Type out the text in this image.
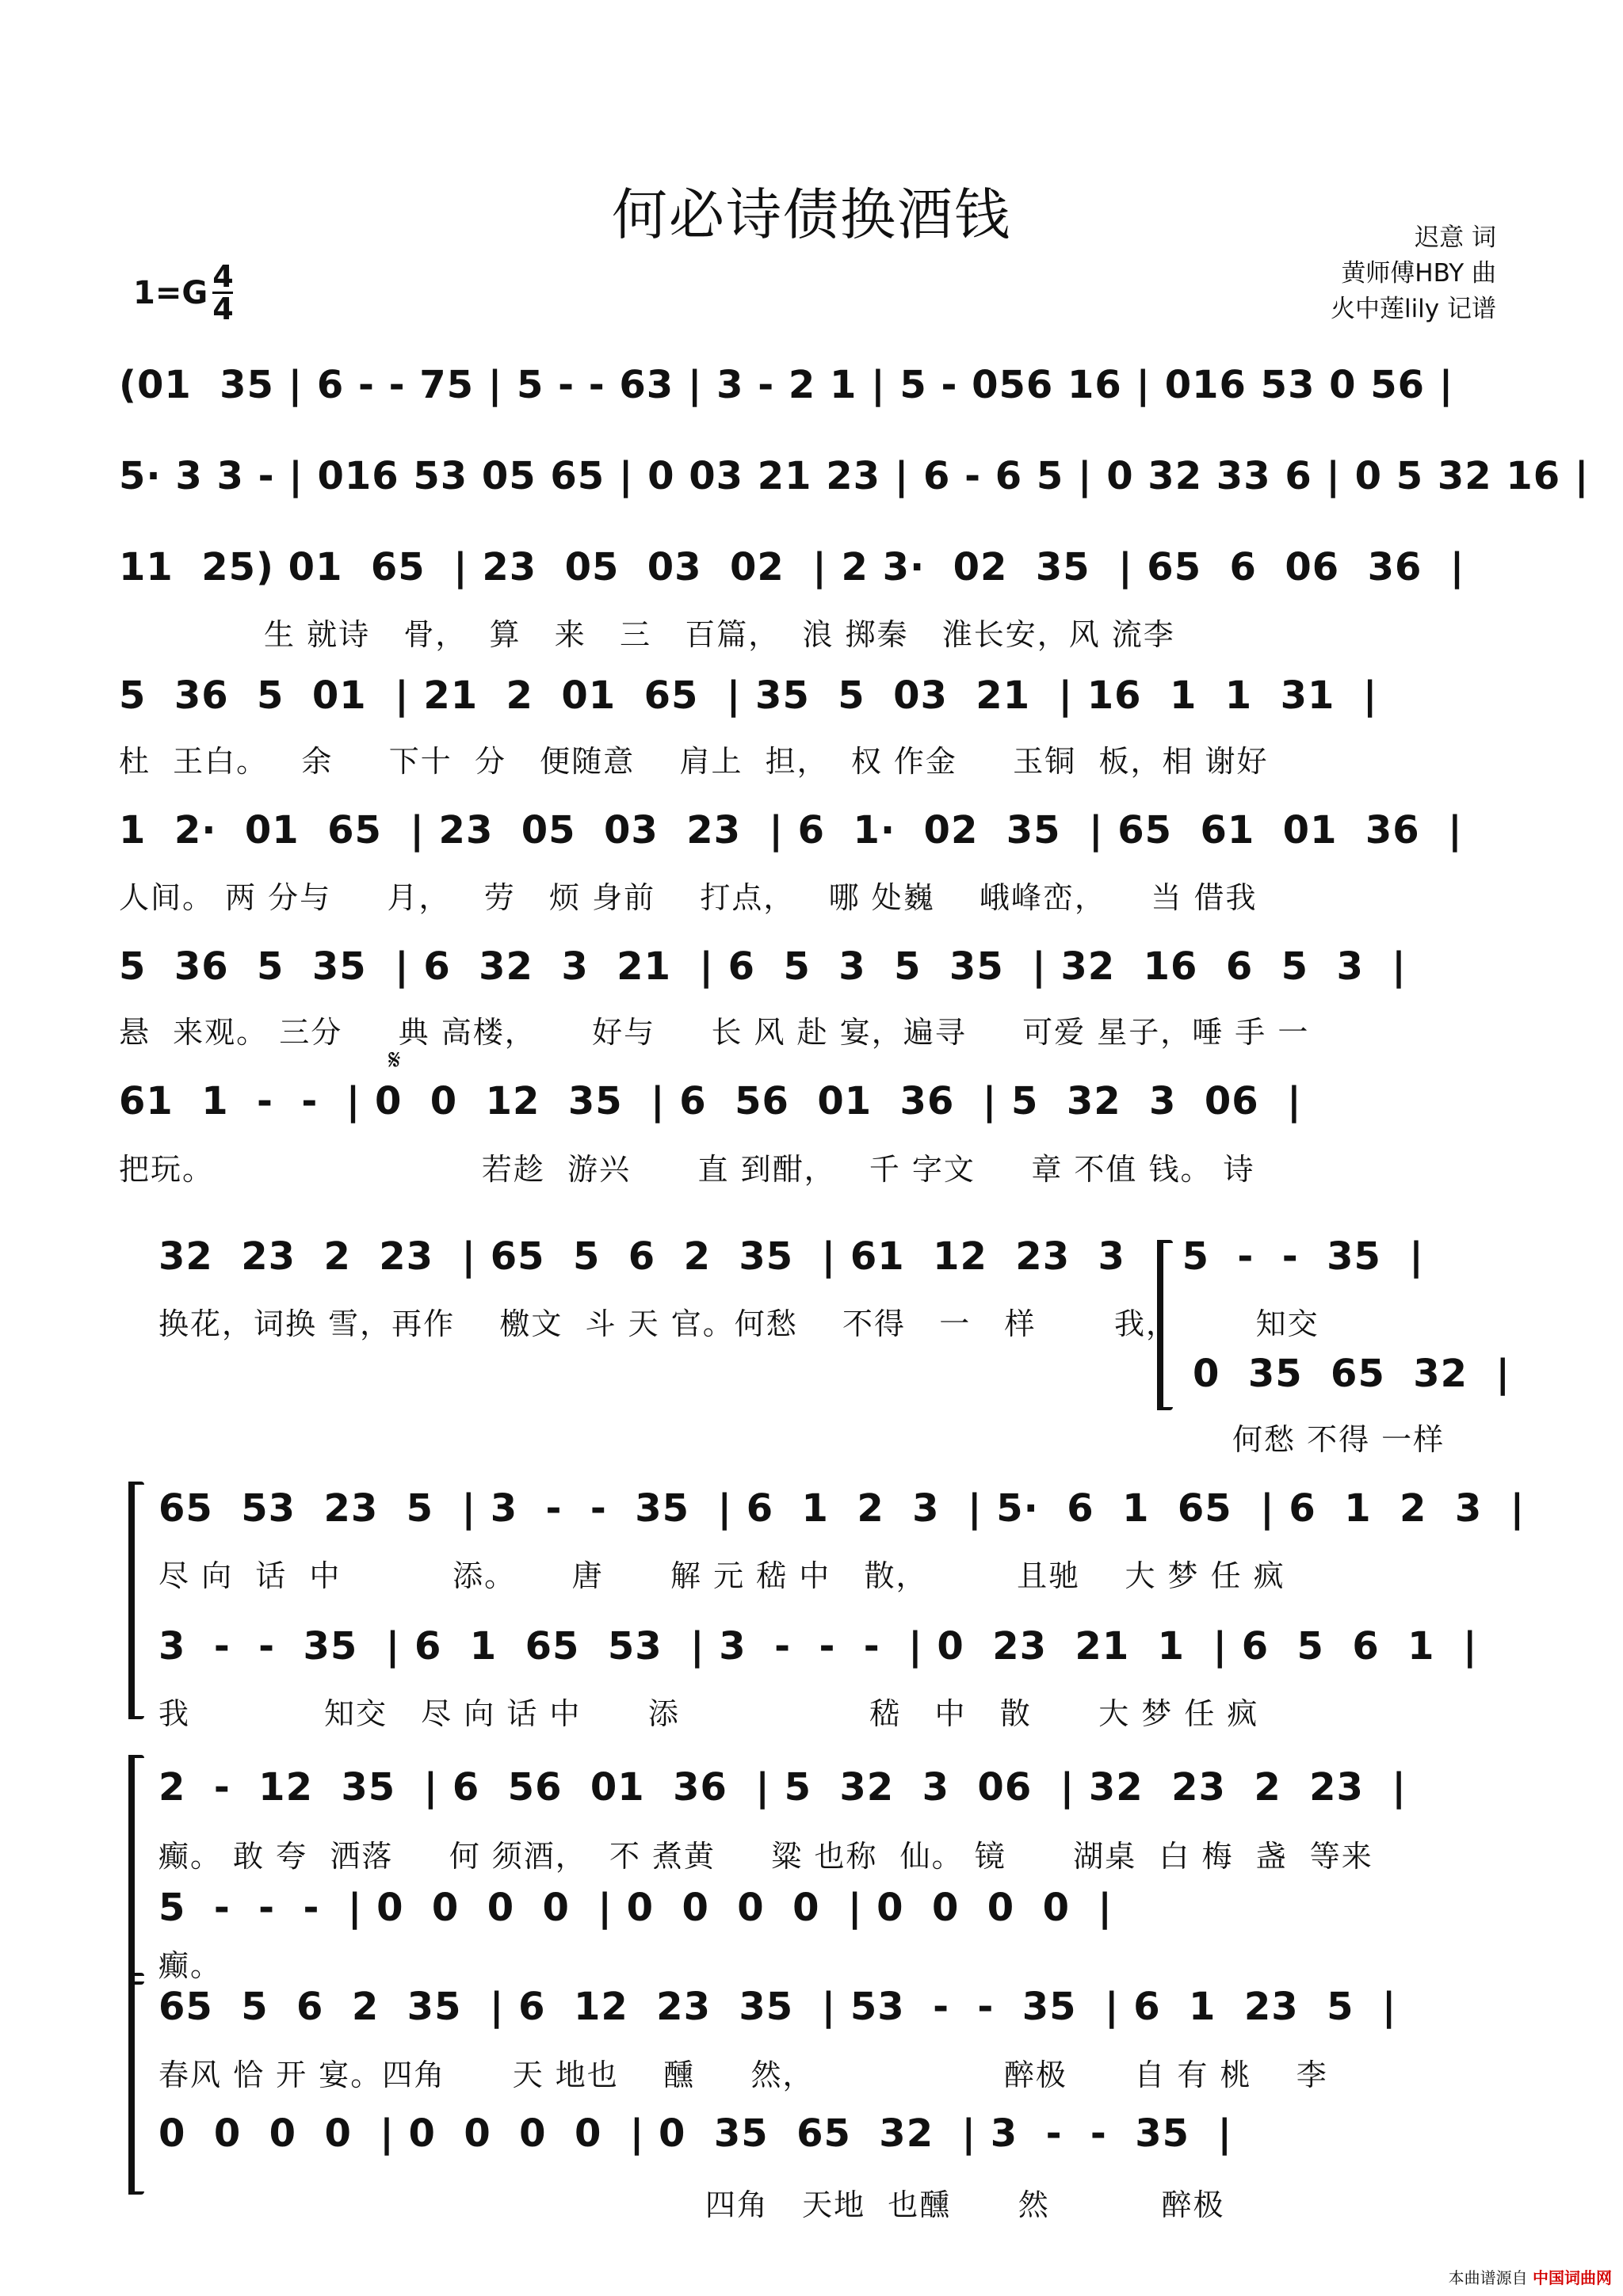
何必诗债换酒钱	迟意 词
黄师傅HBY 曲
火中莲lily 记谱
$1=G \frac{4}{4}$
(01  35 | 6 - - 75 | 5 - - 63 | 3 - 2 1 | 5 - 056 16 | 016 53 0 56 |
5· 3 3 - | 016 53 05 65 | 0 03 21 23 | 6 - 6 5 | 0 32 33 6 | 0 5 32 16 |
11  25) 01  65  | 23  05  03  02  | 2 3·  02  35  | 65  6  06  36  |
生 就诗   骨，  算   来   三   百篇，  浪 掷秦   淮长安，风 流李
5  36  5  01  | 21  2  01  65  | 35  5  03  21  | 16  1  1  31  |
杜  王白。   余     下十  分   便随意    肩上  担，  权 作金     玉铜  板，相 谢好
1  2·  01  65  | 23  05  03  23  | 6  1·  02  35  | 65  61  01  36  |
人间。 两 分与     月，   劳   烦 身前    打点，   哪 处巍    峨峰峦，    当 借我
5  36  5  35  | 6  32  3  21  | 6  5  3  5  35  | 32  16  6  5  3  |
悬  来观。 三分     典 高楼，     好与     长 风 赴 宴，遍寻     可爱 星子，唾 手 一
61  1  -  -  | 0  0  12  35  | 6  56  01  36  | 5  32  3  06  |
𝄋
把玩。                        若趁  游兴      直 到酣，   千 字文     章 不值 钱。 诗
32  23  2  23  | 65  5  6  2  35  | 61  12  23  3  | 5  -  -  35  |
换花，词换 雪，再作    檄文  斗 天 官。何愁    不得   一   样       我，       知交
0  35  65  32  |
何愁 不得 一样
65  53  23  5  | 3  -  -  35  | 6  1  2  3  | 5·  6  1  65  | 6  1  2  3  |
尽 向  话  中          添。     唐      解 元 嵇 中   散，        且驰    大 梦 任 疯
3  -  -  35  | 6  1  65  53  | 3  -  -  -  | 0  23  21  1  | 6  5  6  1  |
我            知交   尽 向 话 中      添                 嵇   中   散      大 梦 任 疯
2  -  12  35  | 6  56  01  36  | 5  32  3  06  | 32  23  2  23  |
癫。 敢 夸  洒落     何 须酒，  不 煮黄     粱 也称  仙。 镜      湖桌  白 梅  盏  等来
5  -  -  -  | 0  0  0  0  | 0  0  0  0  | 0  0  0  0  |
癫。
65  5  6  2  35  | 6  12  23  35  | 53  -  -  35  | 6  1  23  5  |
春风 恰 开 宴。四角      天 地也    醺     然，                 醉极      自 有 桃    李
0  0  0  0  | 0  0  0  0  | 0  35  65  32  | 3  -  -  35  |
四角   天地  也醺      然          醉极
本曲谱源自 中国词曲网
